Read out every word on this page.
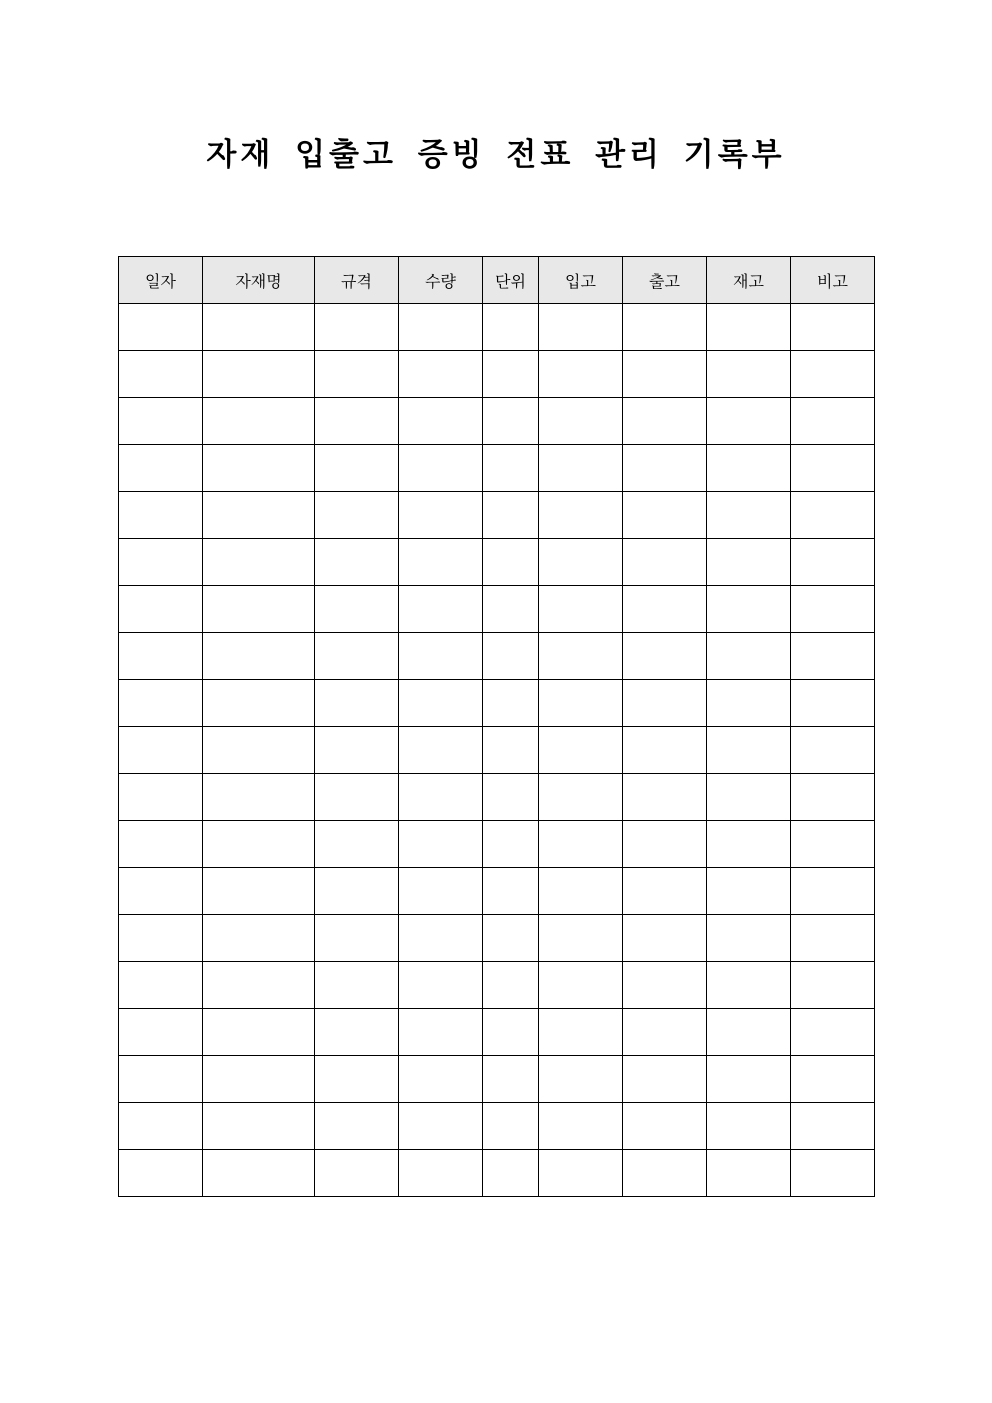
자재 입출고 증빙 전표 관리 기록부
일자	자재명	규격	수량	단위	입고	출고	재고	비고
